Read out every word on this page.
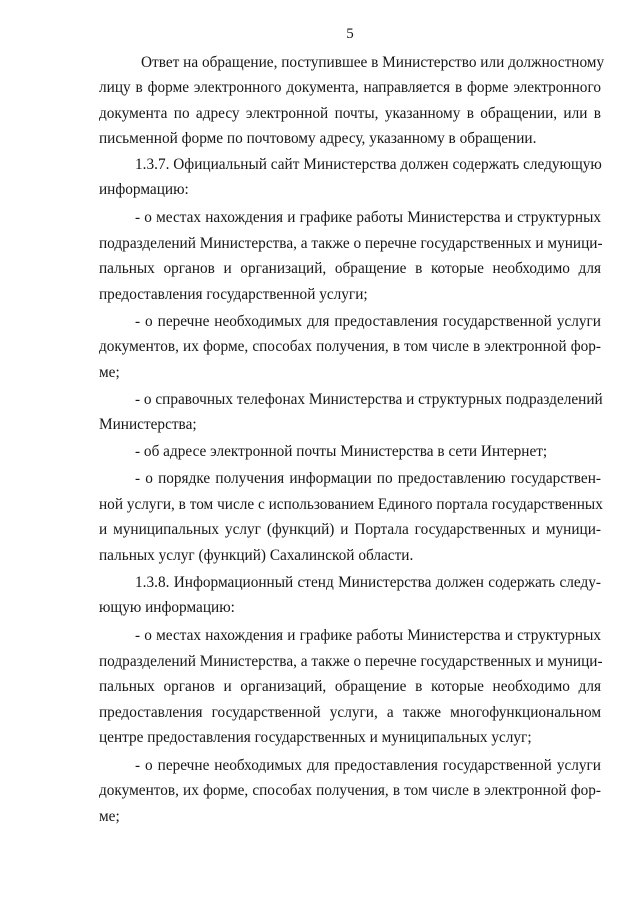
5
Ответ на обращение, поступившее в Министерство или должностному
лицу в форме электронного документа, направляется в форме электронного
документа по адресу электронной почты, указанному в обращении, или в
письменной форме по почтовому адресу, указанному в обращении.
1.3.7. Официальный сайт Министерства должен содержать следующую
информацию:
- о местах нахождения и графике работы Министерства и структурных
подразделений Министерства, а также о перечне государственных и муници-
пальных органов и организаций, обращение в которые необходимо для
предоставления государственной услуги;
- о перечне необходимых для предоставления государственной услуги
документов, их форме, способах получения, в том числе в электронной фор-
ме;
- о справочных телефонах Министерства и структурных подразделений
Министерства;
- об адресе электронной почты Министерства в сети Интернет;
- о порядке получения информации по предоставлению государствен-
ной услуги, в том числе с использованием Единого портала государственных
и муниципальных услуг (функций) и Портала государственных и муници-
пальных услуг (функций) Сахалинской области.
1.3.8. Информационный стенд Министерства должен содержать следу-
ющую информацию:
- о местах нахождения и графике работы Министерства и структурных
подразделений Министерства, а также о перечне государственных и муници-
пальных органов и организаций, обращение в которые необходимо для
предоставления государственной услуги, а также многофункциональном
центре предоставления государственных и муниципальных услуг;
- о перечне необходимых для предоставления государственной услуги
документов, их форме, способах получения, в том числе в электронной фор-
ме;
